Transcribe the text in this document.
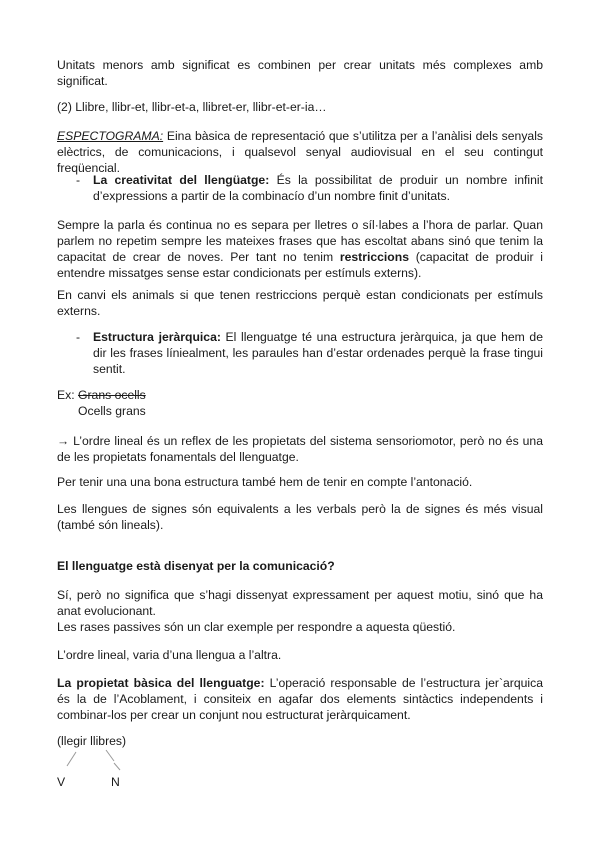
Unitats menors amb significat es combinen per crear unitats més complexes amb significat.

(2) Llibre, llibr-et, llibr-et-a, llibret-er, llibr-et-er-ia…

ESPECTOGRAMA: Eina bàsica de representació que s’utilitza per a l’anàlisi dels senyals elèctrics, de comunicacions, i qualsevol senyal audiovisual en el seu contingut freqüencial.

- La creativitat del llengüatge: És la possibilitat de produir un nombre infinit d’expressions a partir de la combinacío d’un nombre finit d’unitats.

Sempre la parla és continua no es separa per lletres o síl·labes a l’hora de parlar. Quan parlem no repetim sempre les mateixes frases que has escoltat abans sinó que tenim la capacitat de crear de noves. Per tant no tenim restriccions (capacitat de produir i entendre missatges sense estar condicionats per estímuls externs).

En canvi els animals si que tenen restriccions perquè estan condicionats per estímuls externs.

- Estructura jeràrquica: El llenguatge té una estructura jeràrquica, ja que hem de dir les frases líniealment, les paraules han d’estar ordenades perquè la frase tingui sentit.

Ex: Grans ocells

Ocells grans

→ L’ordre lineal és un reflex de les propietats del sistema sensoriomotor, però no és una de les propietats fonamentals del llenguatge.

Per tenir una una bona estructura també hem de tenir en compte l’antonació.

Les llengues de signes són equivalents a les verbals però la de signes és més visual (també són lineals).

El llenguatge està disenyat per la comunicació?

Sí, però no significa que s’hagi dissenyat expressament per aquest motiu, sinó que ha anat evolucionant.

Les rases passives són un clar exemple per respondre a aquesta qüestió.

L’ordre lineal, varia d’una llengua a l’altra.

La propietat bàsica del llenguatge: L’operació responsable de l’estructura jer`arquica és la de l’Acoblament, i consiteix en agafar dos elements sintàctics independents i combinar-los per crear un conjunt nou estructurat jeràrquicament.

(llegir llibres)

V	N
